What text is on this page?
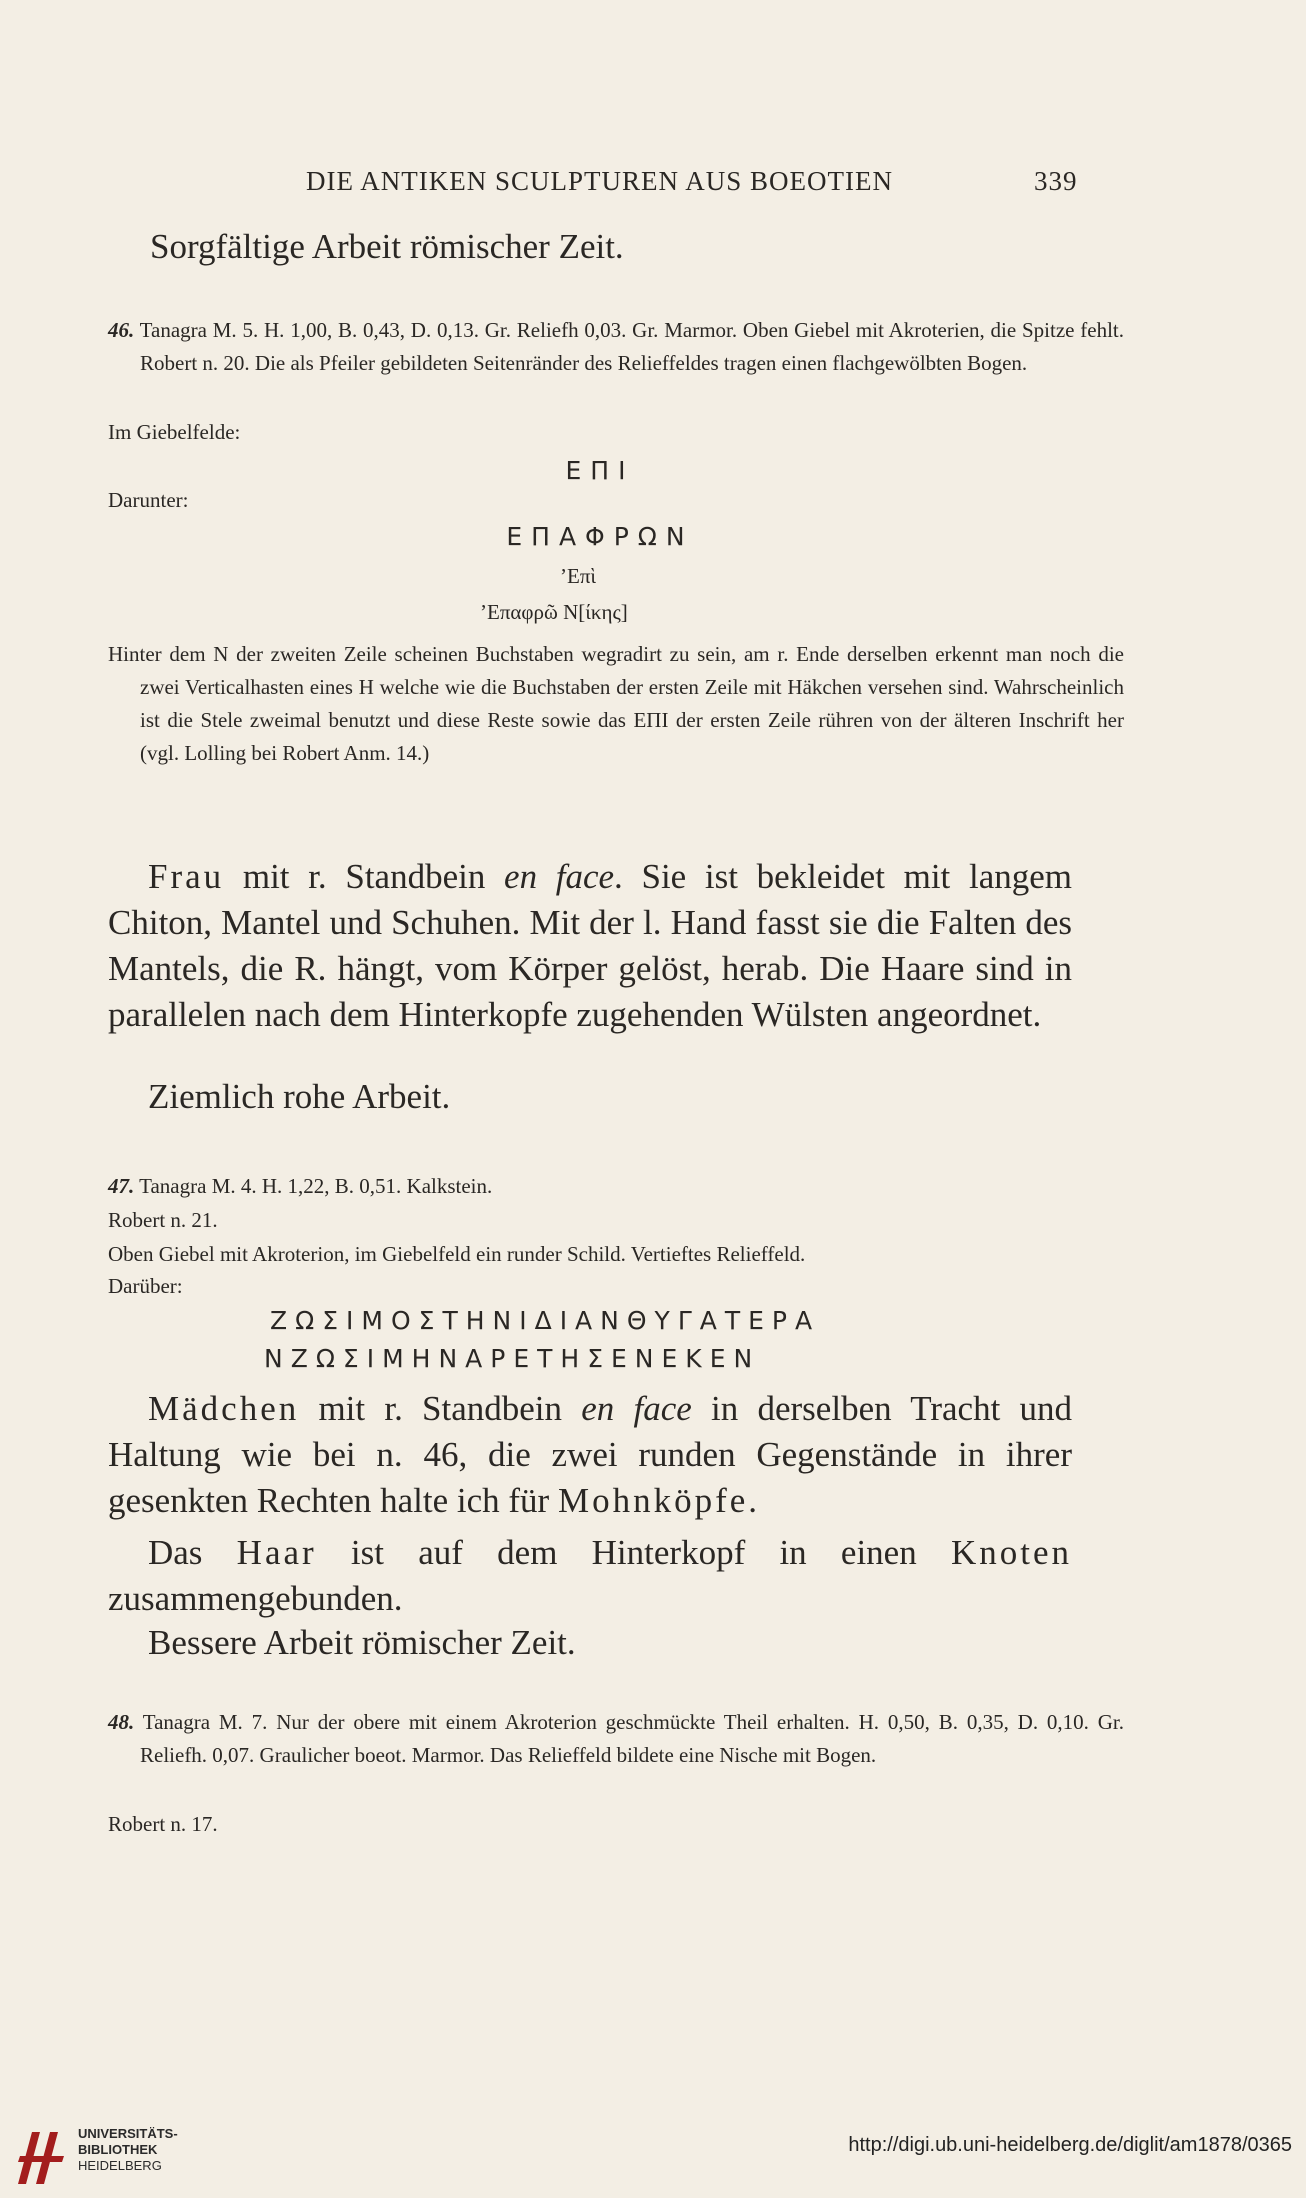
DIE ANTIKEN SCULPTUREN AUS BOEOTIEN	339
Sorgfältige Arbeit römischer Zeit.
46. Tanagra M. 5. H. 1,00, B. 0,43, D. 0,13. Gr. Reliefh 0,03. Gr. Marmor. Oben Giebel mit Akroterien, die Spitze fehlt. Robert n. 20. Die als Pfeiler gebildeten Seitenränder des Relieffeldes tragen einen flachgewölbten Bogen.
Im Giebelfelde:
ΕΠΙ
Darunter:
ΕΠΑΦΡΩΝ
’Επὶ
’Επαφρῶ Ν[ίκης]
Hinter dem N der zweiten Zeile scheinen Buchstaben wegradirt zu sein, am r. Ende derselben erkennt man noch die zwei Verticalhasten eines H welche wie die Buchstaben der ersten Zeile mit Häkchen versehen sind. Wahrscheinlich ist die Stele zweimal benutzt und diese Reste sowie das ΕΠΙ der ersten Zeile rühren von der älteren Inschrift her (vgl. Lolling bei Robert Anm. 14.)
Frau mit r. Standbein en face. Sie ist bekleidet mit langem Chiton, Mantel und Schuhen. Mit der l. Hand fasst sie die Falten des Mantels, die R. hängt, vom Körper gelöst, herab. Die Haare sind in parallelen nach dem Hinterkopfe zugehenden Wülsten angeordnet.
Ziemlich rohe Arbeit.
47. Tanagra M. 4. H. 1,22, B. 0,51. Kalkstein.
Robert n. 21.
Oben Giebel mit Akroterion, im Giebelfeld ein runder Schild. Vertieftes Relieffeld.
Darüber:
ΖΩΣΙΜΟΣΤΗΝΙΔΙΑΝΘΥΓΑΤΕΡΑ
ΝΖΩΣΙΜΗΝΑΡΕΤΗΣΕΝΕΚΕΝ
Mädchen mit r. Standbein en face in derselben Tracht und Haltung wie bei n. 46, die zwei runden Gegenstände in ihrer gesenkten Rechten halte ich für Mohnköpfe.
Das Haar ist auf dem Hinterkopf in einen Knoten zusammengebunden.
Bessere Arbeit römischer Zeit.
48. Tanagra M. 7. Nur der obere mit einem Akroterion geschmückte Theil erhalten. H. 0,50, B. 0,35, D. 0,10. Gr. Reliefh. 0,07. Graulicher boeot. Marmor. Das Relieffeld bildete eine Nische mit Bogen.
Robert n. 17.
UNIVERSITÄTS-
BIBLIOTHEK
HEIDELBERG
http://digi.ub.uni-heidelberg.de/diglit/am1878/0365
